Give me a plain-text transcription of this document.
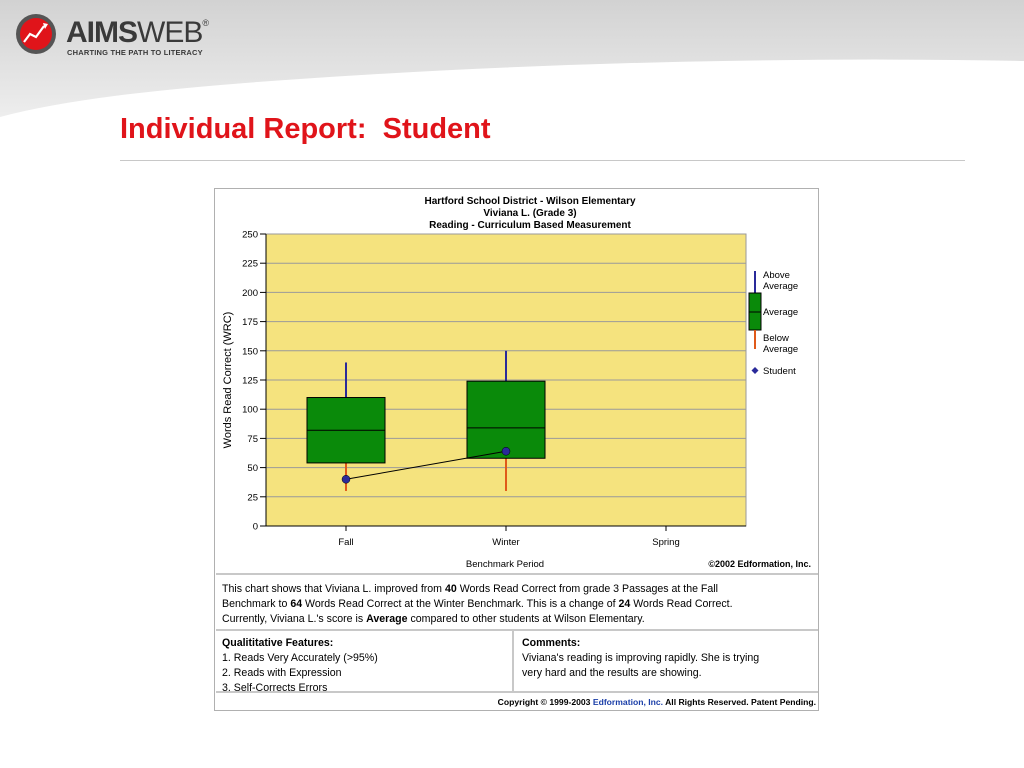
AIMSWEB®
CHARTING THE PATH TO LITERACY
Individual Report:  Student
Hartford School District - Wilson Elementary
Viviana L. (Grade 3)
Reading - Curriculum Based Measurement
0
25
50
75
100
125
150
175
200
225
250
Fall	Winter	Spring
Words Read Correct (WRC)
Benchmark Period	©2002 Edformation, Inc.
Above
Average
Average
Below
Average
Student
This chart shows that Viviana L. improved from 40 Words Read Correct from grade 3 Passages at the Fall
Benchmark to 64 Words Read Correct at the Winter Benchmark. This is a change of 24 Words Read Correct.
Currently, Viviana L.'s score is Average compared to other students at Wilson Elementary.
Qualititative Features:
1. Reads Very Accurately (>95%)
2. Reads with Expression
3. Self-Corrects Errors
Comments:
Viviana's reading is improving rapidly. She is trying
very hard and the results are showing.
Copyright © 1999-2003 Edformation, Inc. All Rights Reserved. Patent Pending.
